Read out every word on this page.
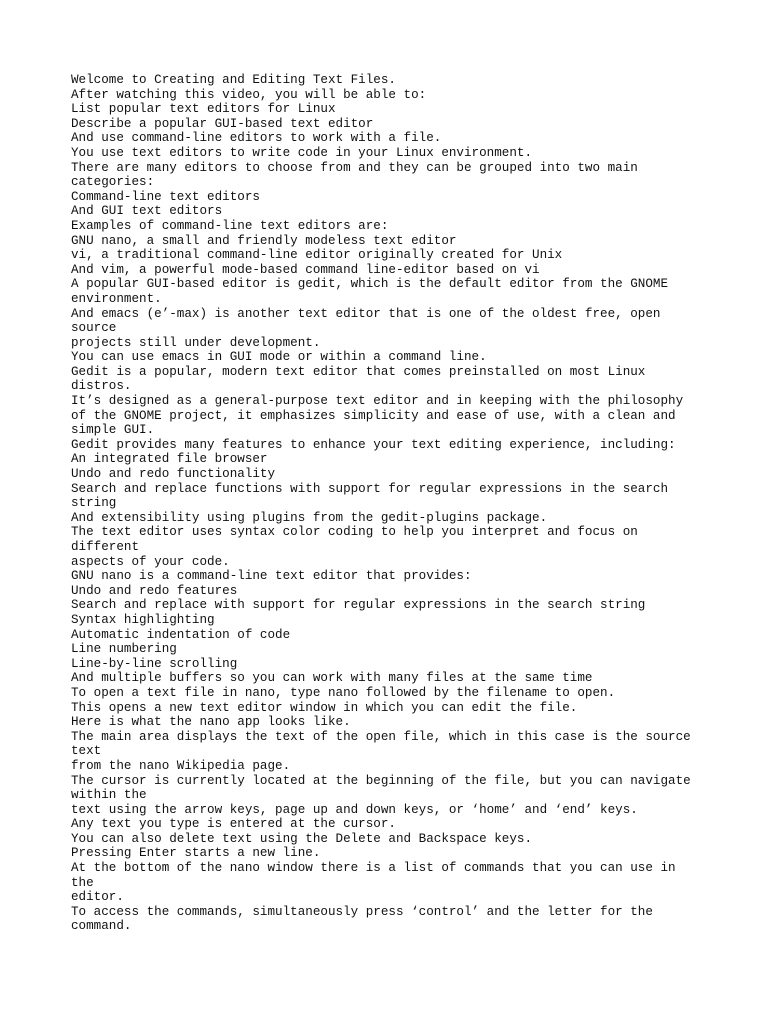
Welcome to Creating and Editing Text Files.
After watching this video, you will be able to:
List popular text editors for Linux
Describe a popular GUI-based text editor
And use command-line editors to work with a file.
You use text editors to write code in your Linux environment.
There are many editors to choose from and they can be grouped into two main
categories:
Command-line text editors
And GUI text editors
Examples of command-line text editors are:
GNU nano, a small and friendly modeless text editor
vi, a traditional command-line editor originally created for Unix
And vim, a powerful mode-based command line-editor based on vi
A popular GUI-based editor is gedit, which is the default editor from the GNOME
environment.
And emacs (e’-max) is another text editor that is one of the oldest free, open
source
projects still under development.
You can use emacs in GUI mode or within a command line.
Gedit is a popular, modern text editor that comes preinstalled on most Linux
distros.
It’s designed as a general-purpose text editor and in keeping with the philosophy
of the GNOME project, it emphasizes simplicity and ease of use, with a clean and
simple GUI.
Gedit provides many features to enhance your text editing experience, including:
An integrated file browser
Undo and redo functionality
Search and replace functions with support for regular expressions in the search
string
And extensibility using plugins from the gedit-plugins package.
The text editor uses syntax color coding to help you interpret and focus on
different
aspects of your code.
GNU nano is a command-line text editor that provides:
Undo and redo features
Search and replace with support for regular expressions in the search string
Syntax highlighting
Automatic indentation of code
Line numbering
Line-by-line scrolling
And multiple buffers so you can work with many files at the same time
To open a text file in nano, type nano followed by the filename to open.
This opens a new text editor window in which you can edit the file.
Here is what the nano app looks like.
The main area displays the text of the open file, which in this case is the source
text
from the nano Wikipedia page.
The cursor is currently located at the beginning of the file, but you can navigate
within the
text using the arrow keys, page up and down keys, or ‘home’ and ‘end’ keys.
Any text you type is entered at the cursor.
You can also delete text using the Delete and Backspace keys.
Pressing Enter starts a new line.
At the bottom of the nano window there is a list of commands that you can use in
the
editor.
To access the commands, simultaneously press ‘control’ and the letter for the
command.
